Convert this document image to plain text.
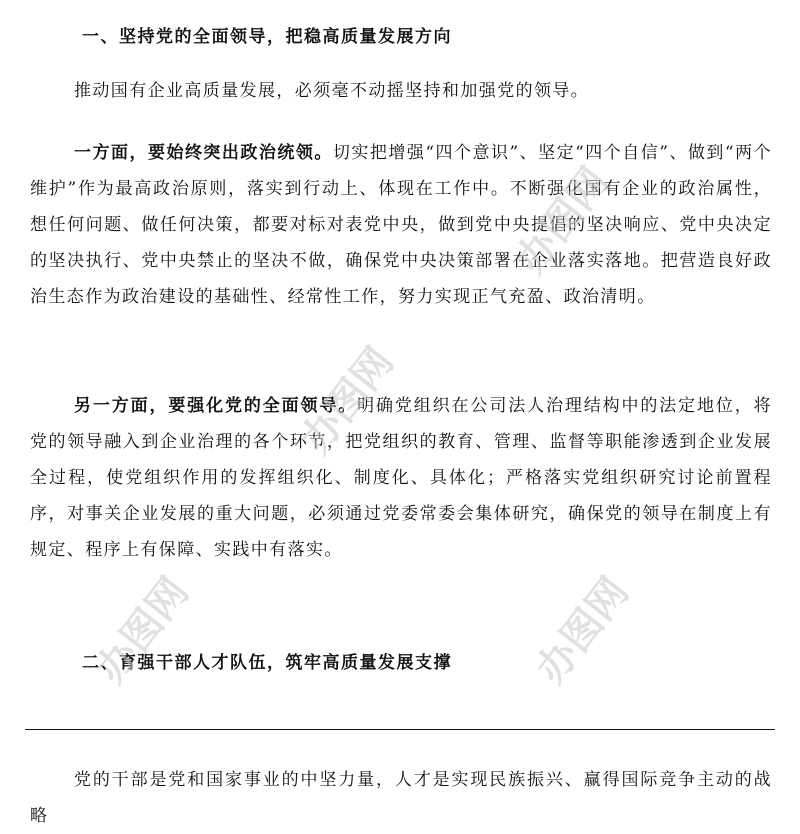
一、坚持党的全面领导，把稳高质量发展方向

推动国有企业高质量发展，必须毫不动摇坚持和加强党的领导。

一方面，要始终突出政治统领。切实把增强“四个意识”、坚定“四个自信”、做到“两个维护”作为最高政治原则，落实到行动上、体现在工作中。不断强化国有企业的政治属性，想任何问题、做任何决策，都要对标对表党中央，做到党中央提倡的坚决响应、党中央决定的坚决执行、党中央禁止的坚决不做，确保党中央决策部署在企业落实落地。把营造良好政治生态作为政治建设的基础性、经常性工作，努力实现正气充盈、政治清明。

另一方面，要强化党的全面领导。明确党组织在公司法人治理结构中的法定地位，将党的领导融入到企业治理的各个环节，把党组织的教育、管理、监督等职能渗透到企业发展全过程，使党组织作用的发挥组织化、制度化、具体化；严格落实党组织研究讨论前置程序，对事关企业发展的重大问题，必须通过党委常委会集体研究，确保党的领导在制度上有规定、程序上有保障、实践中有落实。

二、育强干部人才队伍，筑牢高质量发展支撑

党的干部是党和国家事业的中坚力量，人才是实现民族振兴、赢得国际竞争主动的战略

办图网
办图网
办图网
办图网
